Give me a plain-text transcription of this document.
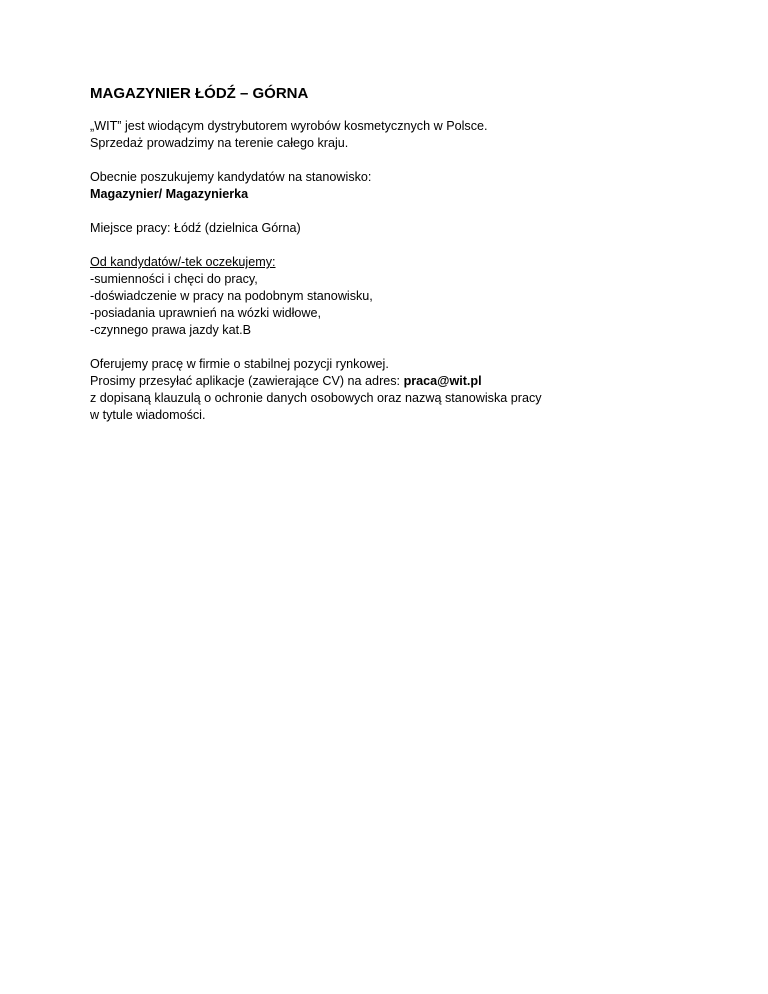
MAGAZYNIER ŁÓDŹ – GÓRNA
„WIT” jest wiodącym dystrybutorem wyrobów kosmetycznych w Polsce.
Sprzedaż prowadzimy na terenie całego kraju.
Obecnie poszukujemy kandydatów na stanowisko:
Magazynier/ Magazynierka
Miejsce pracy: Łódź (dzielnica Górna)
Od kandydatów/-tek oczekujemy:
-sumienności i chęci do pracy,
-doświadczenie w pracy na podobnym stanowisku,
-posiadania uprawnień na wózki widłowe,
-czynnego prawa jazdy kat.B
Oferujemy pracę w firmie o stabilnej pozycji rynkowej.
Prosimy przesyłać aplikacje (zawierające CV) na adres: praca@wit.pl
z dopisaną klauzulą o ochronie danych osobowych oraz nazwą stanowiska pracy
w tytule wiadomości.
